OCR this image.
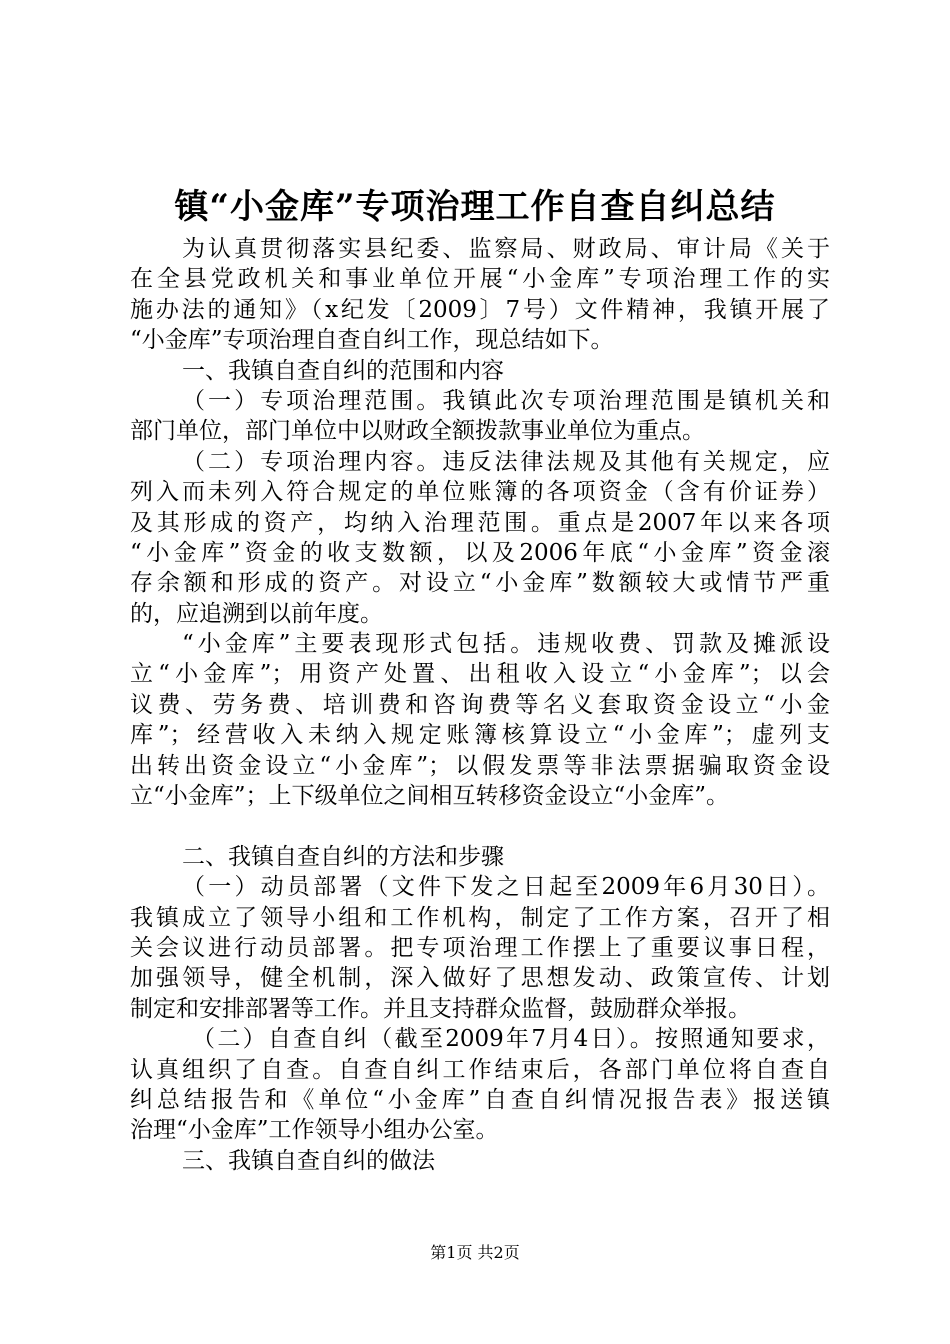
镇“小金库”专项治理工作自查自纠总结
为认真贯彻落实县纪委、监察局、财政局、审计局《关于
在全县党政机关和事业单位开展“小金库”专项治理工作的实
施办法的通知》（x纪发〔2009〕7号）文件精神，我镇开展了
“小金库”专项治理自查自纠工作，现总结如下。
一、我镇自查自纠的范围和内容
（一）专项治理范围。我镇此次专项治理范围是镇机关和
部门单位，部门单位中以财政全额拨款事业单位为重点。
（二）专项治理内容。违反法律法规及其他有关规定，应
列入而未列入符合规定的单位账簿的各项资金（含有价证券）
及其形成的资产，均纳入治理范围。重点是2007年以来各项
“小金库”资金的收支数额，以及2006年底“小金库”资金滚
存余额和形成的资产。对设立“小金库”数额较大或情节严重
的，应追溯到以前年度。
“小金库”主要表现形式包括。违规收费、罚款及摊派设
立“小金库”；用资产处置、出租收入设立“小金库”；以会
议费、劳务费、培训费和咨询费等名义套取资金设立“小金
库”；经营收入未纳入规定账簿核算设立“小金库”；虚列支
出转出资金设立“小金库”；以假发票等非法票据骗取资金设
立“小金库”；上下级单位之间相互转移资金设立“小金库”。
二、我镇自查自纠的方法和步骤
（一）动员部署（文件下发之日起至2009年6月30日）。
我镇成立了领导小组和工作机构，制定了工作方案，召开了相
关会议进行动员部署。把专项治理工作摆上了重要议事日程，
加强领导，健全机制，深入做好了思想发动、政策宣传、计划
制定和安排部署等工作。并且支持群众监督，鼓励群众举报。
（二）自查自纠（截至2009年7月4日）。按照通知要求，
认真组织了自查。自查自纠工作结束后，各部门单位将自查自
纠总结报告和《单位“小金库”自查自纠情况报告表》报送镇
治理“小金库”工作领导小组办公室。
三、我镇自查自纠的做法
第1页 共2页
